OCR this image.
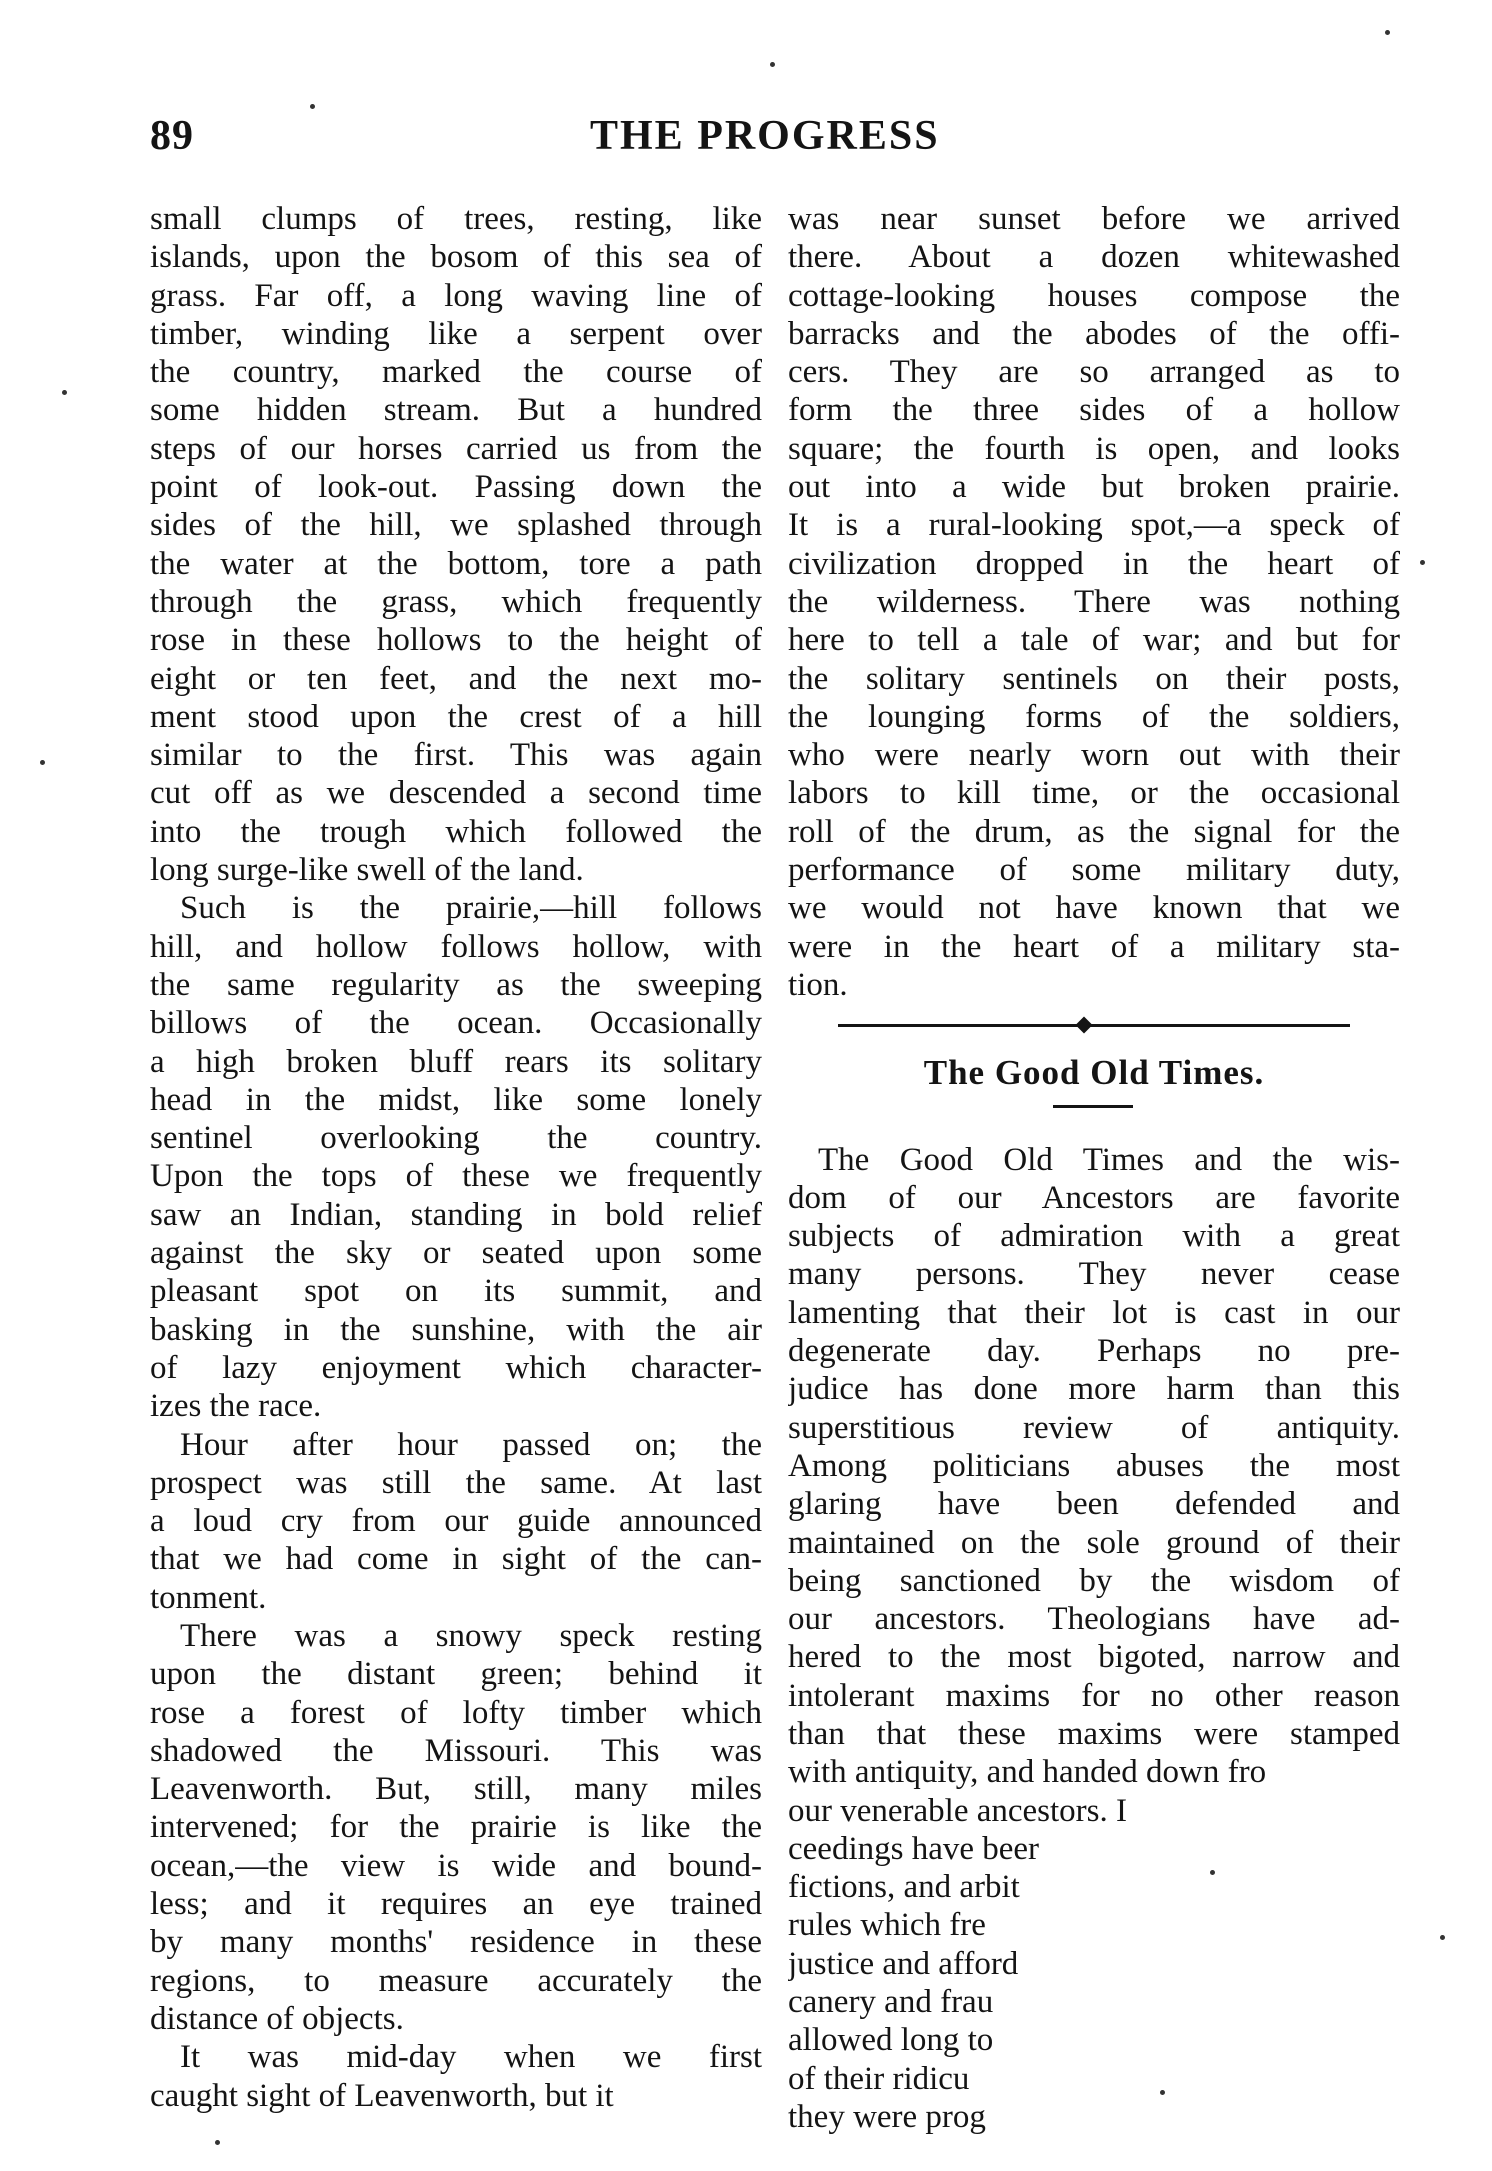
89	THE PROGRESS
small clumps of trees, resting, like
islands, upon the bosom of this sea of
grass. Far off, a long waving line of
timber, winding like a serpent over
the country, marked the course of
some hidden stream. But a hundred
steps of our horses carried us from the
point of look-out. Passing down the
sides of the hill, we splashed through
the water at the bottom, tore a path
through the grass, which frequently
rose in these hollows to the height of
eight or ten feet, and the next mo-
ment stood upon the crest of a hill
similar to the first. This was again
cut off as we descended a second time
into the trough which followed the
long surge-like swell of the land.
Such is the prairie,—hill follows
hill, and hollow follows hollow, with
the same regularity as the sweeping
billows of the ocean. Occasionally
a high broken bluff rears its solitary
head in the midst, like some lonely
sentinel overlooking the country.
Upon the tops of these we frequently
saw an Indian, standing in bold relief
against the sky or seated upon some
pleasant spot on its summit, and
basking in the sunshine, with the air
of lazy enjoyment which character-
izes the race.
Hour after hour passed on; the
prospect was still the same. At last
a loud cry from our guide announced
that we had come in sight of the can-
tonment.
There was a snowy speck resting
upon the distant green; behind it
rose a forest of lofty timber which
shadowed the Missouri. This was
Leavenworth. But, still, many miles
intervened; for the prairie is like the
ocean,—the view is wide and bound-
less; and it requires an eye trained
by many months' residence in these
regions, to measure accurately the
distance of objects.
It was mid-day when we first
caught sight of Leavenworth, but it
was near sunset before we arrived
there. About a dozen whitewashed
cottage-looking houses compose the
barracks and the abodes of the offi-
cers. They are so arranged as to
form the three sides of a hollow
square; the fourth is open, and looks
out into a wide but broken prairie.
It is a rural-looking spot,—a speck of
civilization dropped in the heart of
the wilderness. There was nothing
here to tell a tale of war; and but for
the solitary sentinels on their posts,
the lounging forms of the soldiers,
who were nearly worn out with their
labors to kill time, or the occasional
roll of the drum, as the signal for the
performance of some military duty,
we would not have known that we
were in the heart of a military sta-
tion.
The Good Old Times.
The Good Old Times and the wis-
dom of our Ancestors are favorite
subjects of admiration with a great
many persons. They never cease
lamenting that their lot is cast in our
degenerate day. Perhaps no pre-
judice has done more harm than this
superstitious review of antiquity.
Among politicians abuses the most
glaring have been defended and
maintained on the sole ground of their
being sanctioned by the wisdom of
our ancestors. Theologians have ad-
hered to the most bigoted, narrow and
intolerant maxims for no other reason
than that these maxims were stamped
with antiquity, and handed down fro
our venerable ancestors. I
ceedings have beer
fictions, and arbit
rules which fre
justice and afford
canery and frau
allowed long to
of their ridicu
they were prog
